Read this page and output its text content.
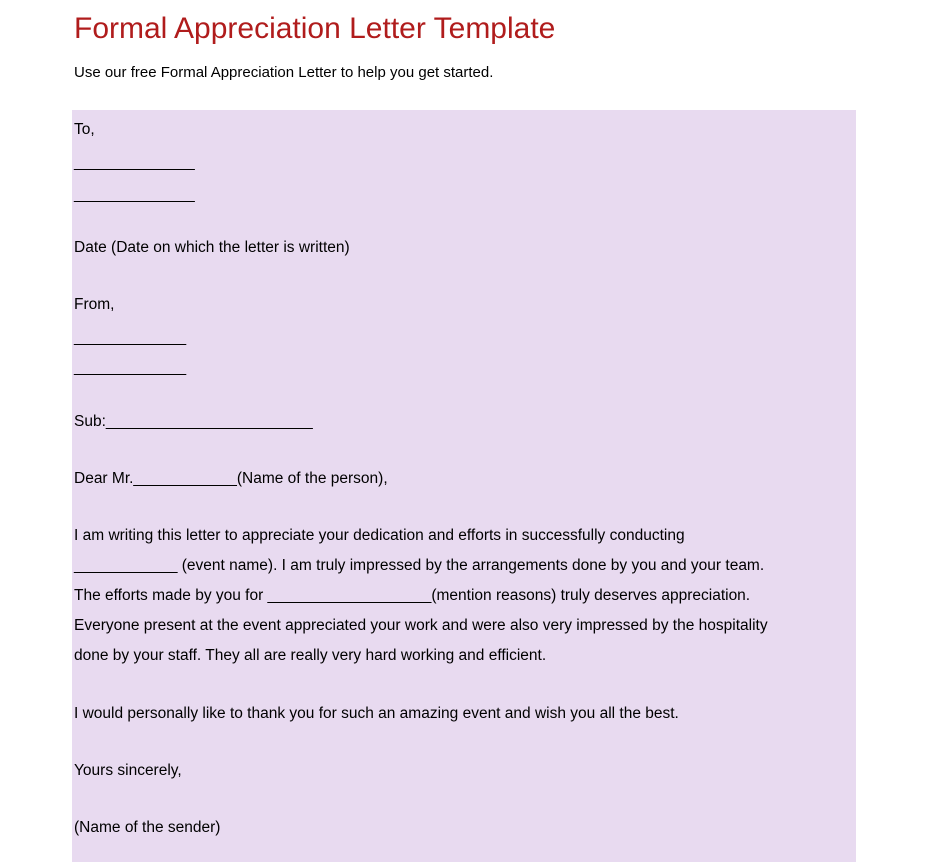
Formal Appreciation Letter Template
Use our free Formal Appreciation Letter to help you get started.
To,
______________
______________
Date (Date on which the letter is written)
From,
_____________
_____________
Sub:________________________
Dear Mr.____________(Name of the person),
I am writing this letter to appreciate your dedication and efforts in successfully conducting
____________ (event name). I am truly impressed by the arrangements done by you and your team.
The efforts made by you for ___________________(mention reasons) truly deserves appreciation.
Everyone present at the event appreciated your work and were also very impressed by the hospitality
done by your staff. They all are really very hard working and efficient.
I would personally like to thank you for such an amazing event and wish you all the best.
Yours sincerely,
(Name of the sender)
